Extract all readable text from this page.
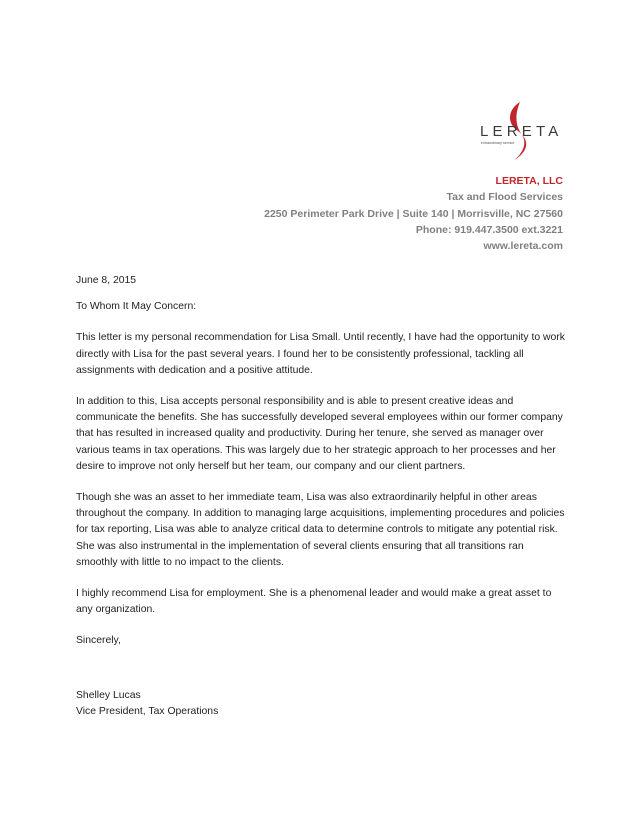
LERETA
extraordinary service
LERETA, LLC
Tax and Flood Services
2250 Perimeter Park Drive | Suite 140 | Morrisville, NC 27560
Phone: 919.447.3500 ext.3221
www.lereta.com

June 8, 2015

To Whom It May Concern:

This letter is my personal recommendation for Lisa Small. Until recently, I have had the opportunity to work directly with Lisa for the past several years. I found her to be consistently professional, tackling all assignments with dedication and a positive attitude.

In addition to this, Lisa accepts personal responsibility and is able to present creative ideas and communicate the benefits. She has successfully developed several employees within our former company that has resulted in increased quality and productivity. During her tenure, she served as manager over various teams in tax operations. This was largely due to her strategic approach to her processes and her desire to improve not only herself but her team, our company and our client partners.

Though she was an asset to her immediate team, Lisa was also extraordinarily helpful in other areas throughout the company. In addition to managing large acquisitions, implementing procedures and policies for tax reporting, Lisa was able to analyze critical data to determine controls to mitigate any potential risk. She was also instrumental in the implementation of several clients ensuring that all transitions ran smoothly with little to no impact to the clients.

I highly recommend Lisa for employment. She is a phenomenal leader and would make a great asset to any organization.

Sincerely,

Shelley Lucas

Vice President, Tax Operations
